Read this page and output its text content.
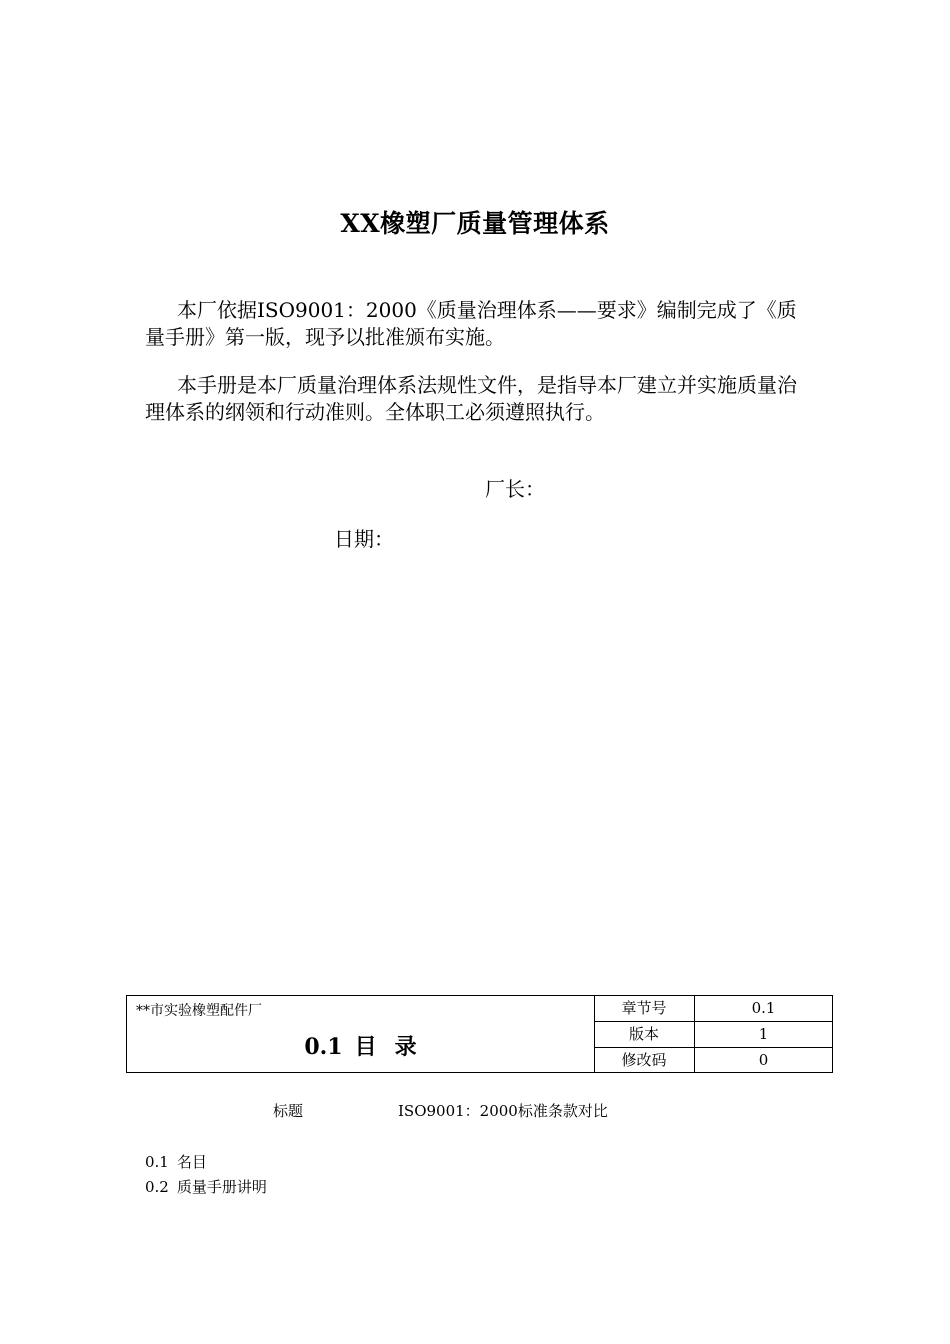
XX橡塑厂质量管理体系

本厂依据ISO9001：2000《质量治理体系——要求》编制完成了《质量手册》第一版，现予以批准颁布实施。

本手册是本厂质量治理体系法规性文件，是指导本厂建立并实施质量治理体系的纲领和行动准则。全体职工必须遵照执行。

厂长：
日期：
**市实验橡塑配件厂
0.1 目 录
章节号	0.1
版本	1
修改码	0
标题	ISO9001：2000标准条款对比
0.1 名目
0.2 质量手册讲明
